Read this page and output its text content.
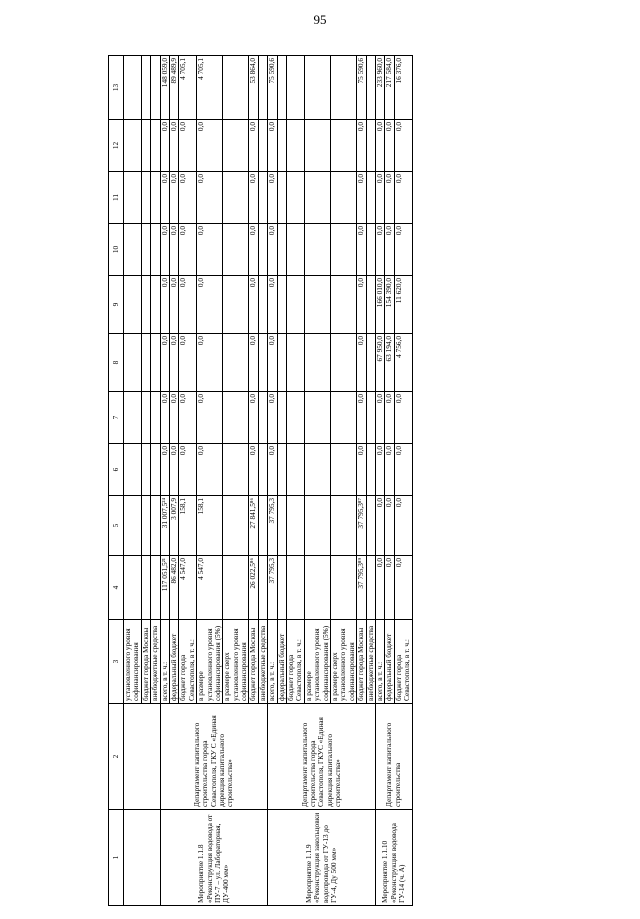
95
1	2	3	4	5	6	7	8	9	10	11	12	13
		установленного уровня софинансирования										
		бюджет города Москвы										
		внебюджетные средства										
Мероприятие 1.1.8 «Реконструкция водовода от ПУ-7 – ул. Лабораторная, ДУ-400 мм»	Департамент капитального строительства города Севастополя, ГКУ С «Единая дирекция капитального строительства»	всего, в т. ч.:	117 051,5²¹	31 007,5²⁴	0,0	0,0	0,0	0,0	0,0	0,0	0,0	148 059,0
		федеральный бюджет	86 482,0	3 007,9	0,0	0,0	0,0	0,0	0,0	0,0	0,0	89 489,9
		бюджет города Севастополя, в т. ч.:	4 547,0	158,1	0,0	0,0	0,0	0,0	0,0	0,0	0,0	4 705,1
		в размере установленного уровня софинансирования (5%)	4 547,0	158,1	0,0	0,0	0,0	0,0	0,0	0,0	0,0	4 705,1
		в размере сверх установленного уровня софинансирования										
		бюджет города Москвы	26 022,5⁸⁶	27 841,5⁸⁶	0,0	0,0	0,0	0,0	0,0	0,0	0,0	53 864,0
		внебюджетные средства										
Мероприятие 1.1.9 «Реконструкция закольцовки водопровода от ГУ-13 до ГУ-4, Ду 500 мм»	Департамент капитального строительства города Севастополя, ГКУС «Единая дирекция капитального строительства»	всего, в т. ч.:	37 795,3	37 795,3	0,0	0,0	0,0	0,0	0,0	0,0	0,0	75 590,6
		федеральный бюджет										
		бюджет города Севастополя, в т. ч.:										
		в размере установленного уровня софинансирования (5%)										
		в размере сверх установленного уровня софинансирования										
		бюджет города Москвы	37 795,3⁸⁹	37 795,3⁸⁷	0,0	0,0	0,0	0,0	0,0	0,0	0,0	75 590,6
		внебюджетные средства										
Мероприятие 1.1.10 «Реконструкция водовода ГУ-14 (ч. А)	Департамент капитального строительства	всего, в т. ч.:	0,0	0,0	0,0	0,0	67 950,0	166 010,0	0,0	0,0	0,0	233 960,0
		федеральный бюджет	0,0	0,0	0,0	0,0	63 194,0	154 390,0	0,0	0,0	0,0	217 584,0
		бюджет города Севастополя, в т. ч.:	0,0	0,0	0,0	0,0	4 756,0	11 620,0	0,0	0,0	0,0	16 376,0
